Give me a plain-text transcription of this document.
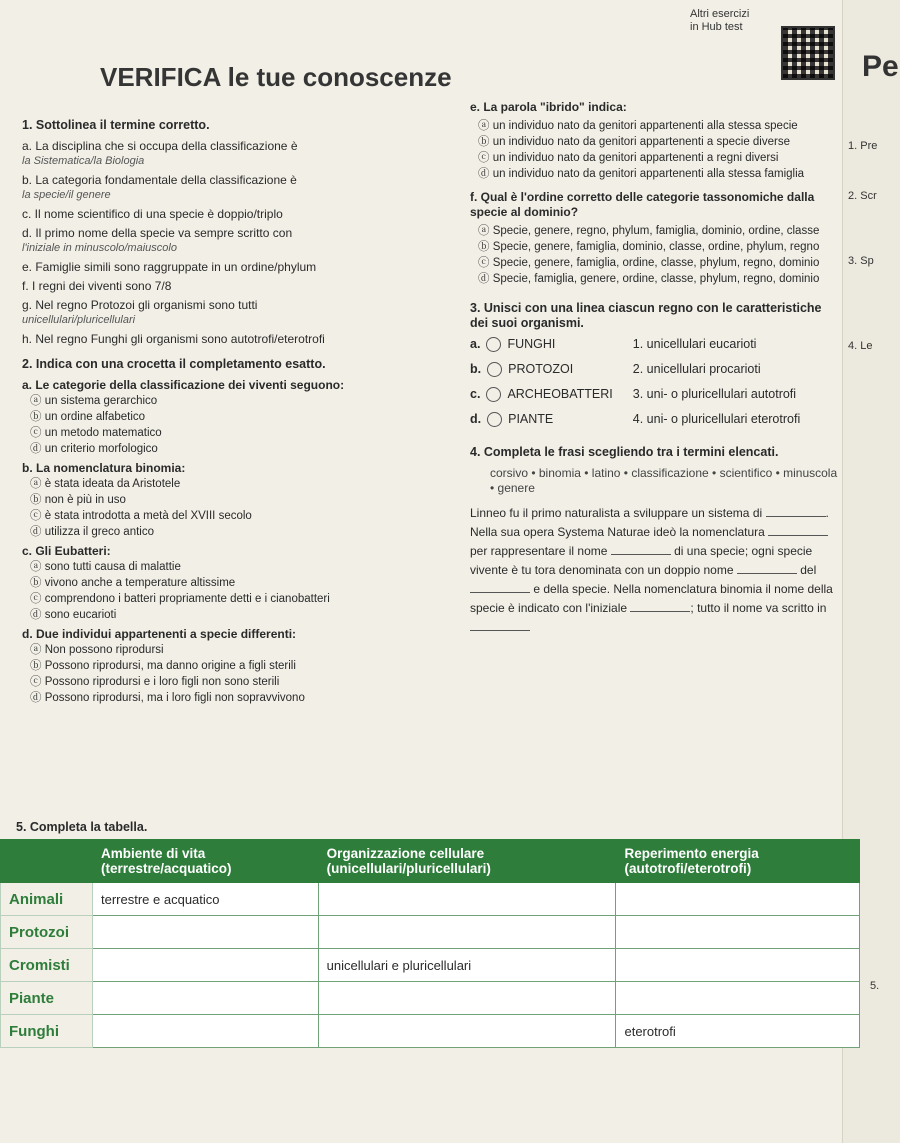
Altri esercizi
in Hub test
Pe
VERIFICA le tue conoscenze
1. Sottolinea il termine corretto.
a. La disciplina che si occupa della classificazione è
la Sistematica/la Biologia
b. La categoria fondamentale della classificazione è
la specie/il genere
c. Il nome scientifico di una specie è doppio/triplo
d. Il primo nome della specie va sempre scritto con
l'iniziale in minuscolo/maiuscolo
e. Famiglie simili sono raggruppate in un ordine/phylum
f. I regni dei viventi sono 7/8
g. Nel regno Protozoi gli organismi sono tutti
unicellulari/pluricellulari
h. Nel regno Funghi gli organismi sono autotrofi/eterotrofi
2. Indica con una crocetta il completamento esatto.
a. Le categorie della classificazione dei viventi seguono:
ⓐ un sistema gerarchico
ⓑ un ordine alfabetico
ⓒ un metodo matematico
ⓓ un criterio morfologico
b. La nomenclatura binomia:
ⓐ è stata ideata da Aristotele
ⓑ non è più in uso
ⓒ è stata introdotta a metà del XVIII secolo
ⓓ utilizza il greco antico
c. Gli Eubatteri:
ⓐ sono tutti causa di malattie
ⓑ vivono anche a temperature altissime
ⓒ comprendono i batteri propriamente detti e i cianobatteri
ⓓ sono eucarioti
d. Due individui appartenenti a specie differenti:
ⓐ Non possono riprodursi
ⓑ Possono riprodursi, ma danno origine a figli sterili
ⓒ Possono riprodursi e i loro figli non sono sterili
ⓓ Possono riprodursi, ma i loro figli non sopravvivono
e. La parola "ibrido" indica:
ⓐ un individuo nato da genitori appartenenti alla stessa specie
ⓑ un individuo nato da genitori appartenenti a specie diverse
ⓒ un individuo nato da genitori appartenenti a regni diversi
ⓓ un individuo nato da genitori appartenenti alla stessa famiglia
f. Qual è l'ordine corretto delle categorie tassonomiche dalla specie al dominio?
ⓐ Specie, genere, regno, phylum, famiglia, dominio, ordine, classe
ⓑ Specie, genere, famiglia, dominio, classe, ordine, phylum, regno
ⓒ Specie, genere, famiglia, ordine, classe, phylum, regno, dominio
ⓓ Specie, famiglia, genere, ordine, classe, phylum, regno, dominio
3. Unisci con una linea ciascun regno con le caratteristiche dei suoi organismi.
a. FUNGHI
b. PROTOZOI
c. ARCHEOBATTERI
d. PIANTE
1. unicellulari eucarioti
2. unicellulari procarioti
3. uni- o pluricellulari autotrofi
4. uni- o pluricellulari eterotrofi
4. Completa le frasi scegliendo tra i termini elencati.
corsivo • binomia • latino • classificazione • scientifico • minuscola • genere
Linneo fu il primo naturalista a sviluppare un sistema di	. Nella sua opera Systema Naturae ideò la nomenclatura  per rappresentare il nome	di una specie; ogni specie vivente è tu tora denominata con un doppio nome	del  e della specie. Nella nomenclatura binomia il nome della specie è indicato con l'iniziale	; tutto il nome va scritto in
1. Pre
2. Scr
3. Sp
4. Le
5.
5. Completa la tabella.
	Ambiente di vita (terrestre/acquatico)	Organizzazione cellulare (unicellulari/pluricellulari)	Reperimento energia (autotrofi/eterotrofi)
Animali	terrestre e acquatico		
Protozoi			
Cromisti		unicellulari e pluricellulari	
Piante			
Funghi			eterotrofi
